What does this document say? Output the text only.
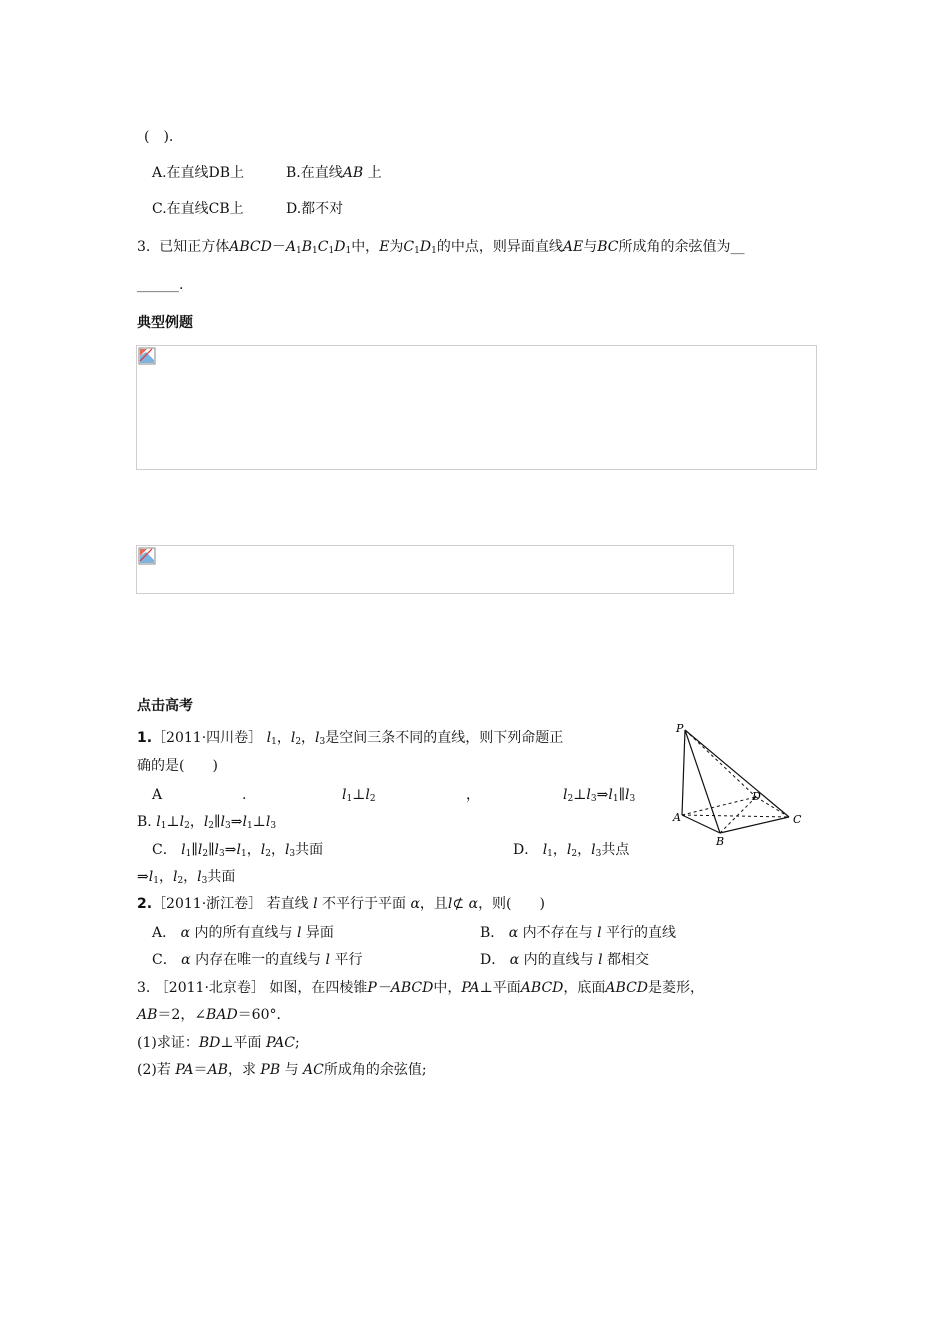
(　).
A.在直线DB上	B.在直线AB 上
C.在直线CB上	D.都不对
3. 已知正方体$ABCD-A_1B_1C_1D_1$中，E为$C_1D_1$的中点，则异面直线AE与BC所成角的余弦值为__
______.
典型例题
点击高考
1.［2011·四川卷］ $l_1$，$l_2$，$l_3$是空间三条不同的直线，则下列命题正
确的是(　　)
A	.	$l_1\perp l_2$	，	$l_2\perp l_3\Rightarrow l_1\parallel l_3$
B. $l_1\perp l_2$，$l_2\parallel l_3\Rightarrow l_1\perp l_3$
C． $l_1\parallel l_2\parallel l_3\Rightarrow l_1$，$l_2$，$l_3$共面	D． $l_1$，$l_2$，$l_3$共点
$\Rightarrow l_1$，$l_2$，$l_3$共面
P
A
B
C
D
2.［2011·浙江卷］ 若直线 l 不平行于平面 α，且l⊄ α，则(　　)
A． α 内的所有直线与 l 异面	B． α 内不存在与 l 平行的直线
C． α 内存在唯一的直线与 l 平行	D． α 内的直线与 l 都相交
3. ［2011·北京卷］ 如图，在四棱锥P－ABCD中，PA⊥平面ABCD，底面ABCD是菱形，
AB＝2，∠BAD＝60°．
(1)求证：BD⊥平面 PAC;
(2)若 PA＝AB，求 PB 与 AC所成角的余弦值;
